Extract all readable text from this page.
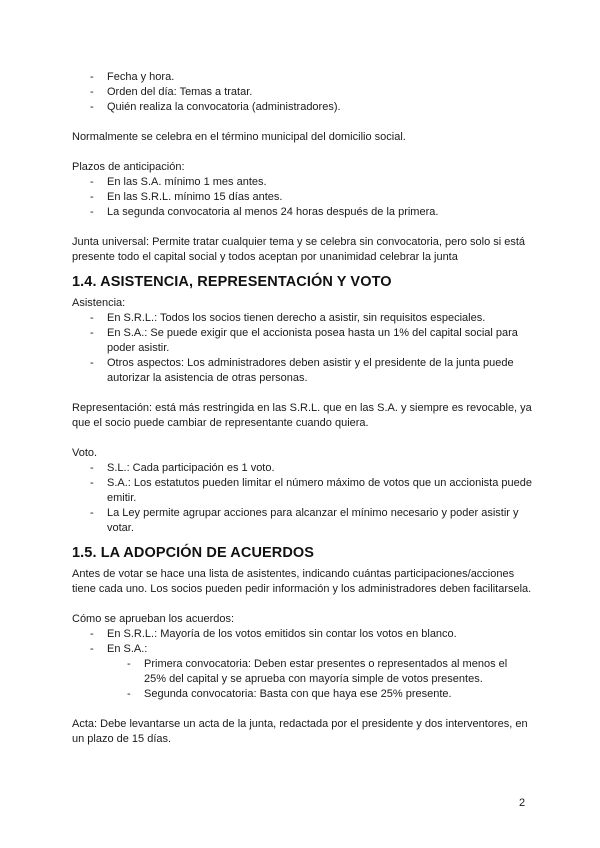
- Fecha y hora.
- Orden del día: Temas a tratar.
- Quién realiza la convocatoria (administradores).

Normalmente se celebra en el término municipal del domicilio social.

Plazos de anticipación:

- En las S.A. mínimo 1 mes antes.
- En las S.R.L. mínimo 15 días antes.
- La segunda convocatoria al menos 24 horas después de la primera.

Junta universal: Permite tratar cualquier tema y se celebra sin convocatoria, pero solo si está presente todo el capital social y todos aceptan por unanimidad celebrar la junta

1.4. ASISTENCIA, REPRESENTACIÓN Y VOTO

Asistencia:

- En S.R.L.: Todos los socios tienen derecho a asistir, sin requisitos especiales.
- En S.A.: Se puede exigir que el accionista posea hasta un 1% del capital social para poder asistir.
- Otros aspectos: Los administradores deben asistir y el presidente de la junta puede autorizar la asistencia de otras personas.

Representación: está más restringida en las S.R.L. que en las S.A. y siempre es revocable, ya que el socio puede cambiar de representante cuando quiera.

Voto.

- S.L.: Cada participación es 1 voto.
- S.A.: Los estatutos pueden limitar el número máximo de votos que un accionista puede emitir.
- La Ley permite agrupar acciones para alcanzar el mínimo necesario y poder asistir y votar.
1.5. LA ADOPCIÓN DE ACUERDOS

Antes de votar se hace una lista de asistentes, indicando cuántas participaciones/acciones tiene cada uno. Los socios pueden pedir información y los administradores deben facilitarsela.

Cómo se aprueban los acuerdos:

- En S.R.L.: Mayoría de los votos emitidos sin contar los votos en blanco.
- En S.A.:
- Primera convocatoria: Deben estar presentes o representados al menos el 25% del capital y se aprueba con mayoría simple de votos presentes.
- Segunda convocatoria: Basta con que haya ese 25% presente.

Acta: Debe levantarse un acta de la junta, redactada por el presidente y dos interventores, en un plazo de 15 días.

2
